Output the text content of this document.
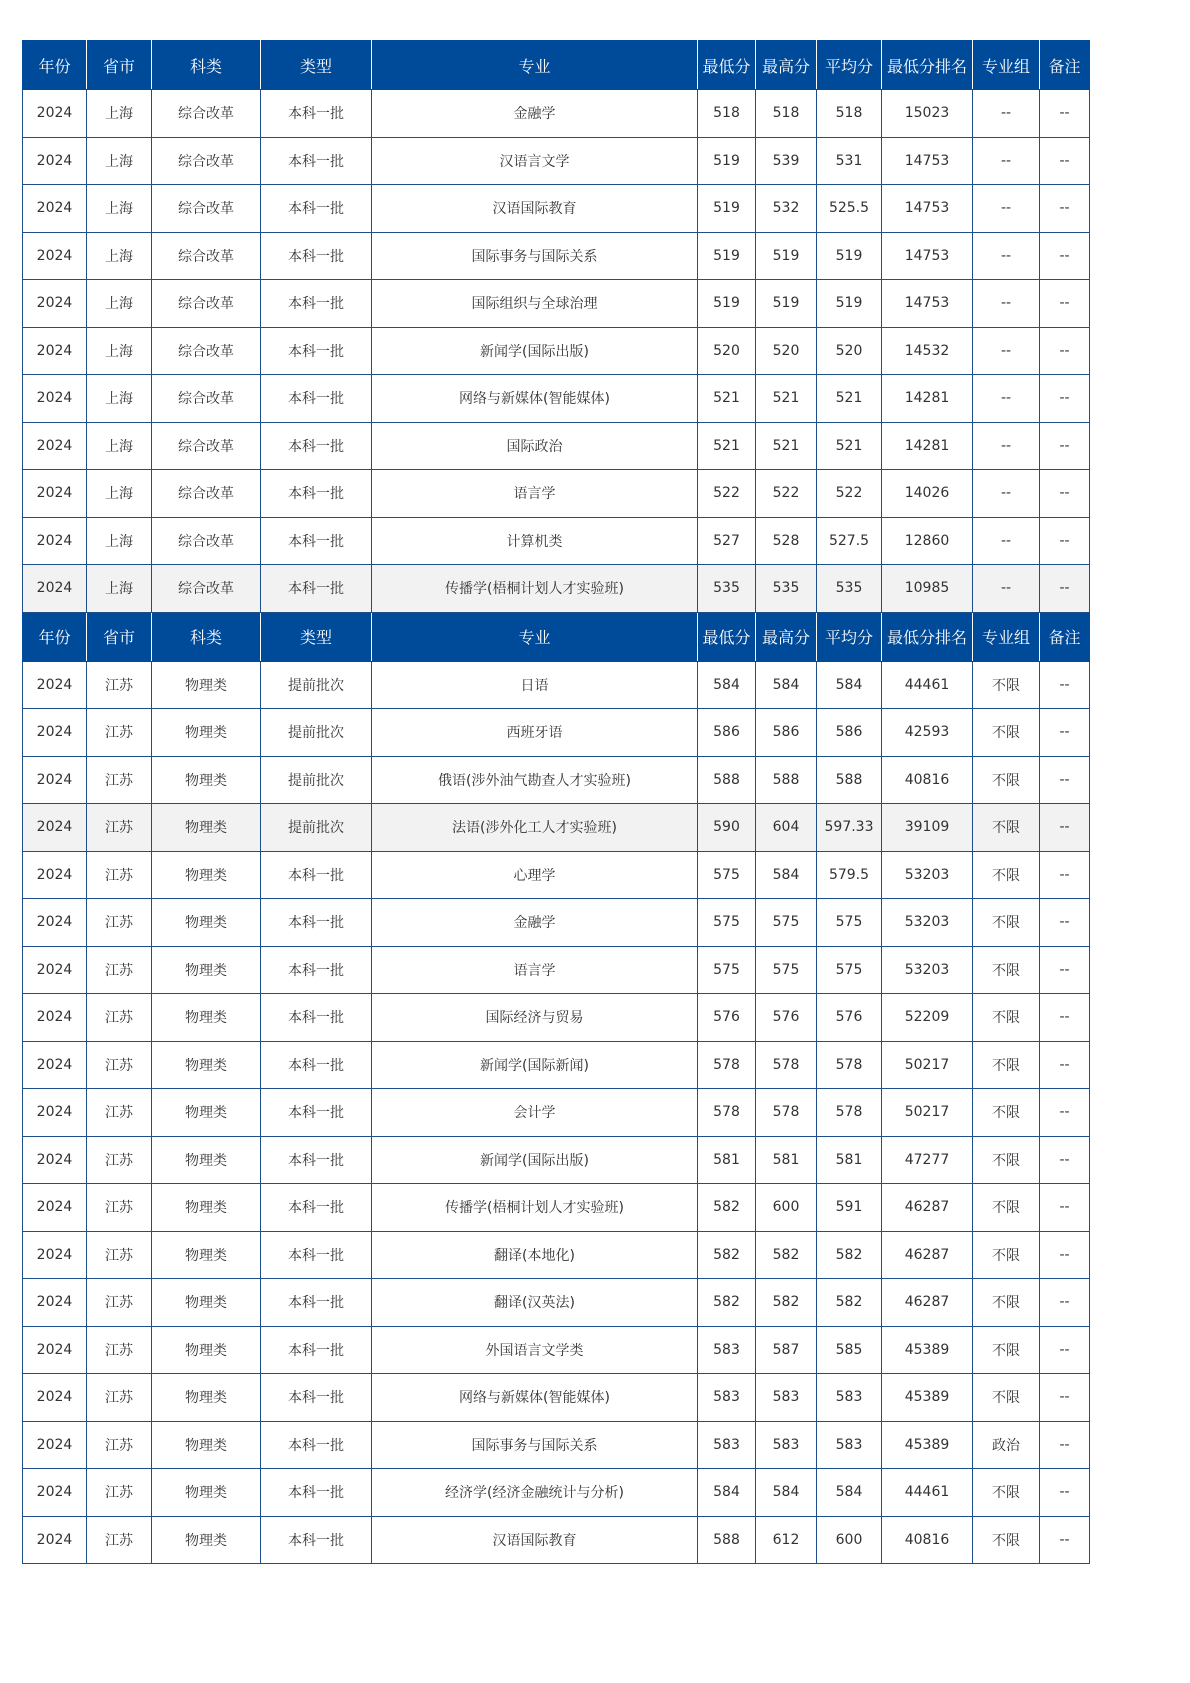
年份	省市	科类	类型	专业	最低分	最高分	平均分	最低分排名	专业组	备注
2024	上海	综合改革	本科一批	金融学	518	518	518	15023	--	--
2024	上海	综合改革	本科一批	汉语言文学	519	539	531	14753	--	--
2024	上海	综合改革	本科一批	汉语国际教育	519	532	525.5	14753	--	--
2024	上海	综合改革	本科一批	国际事务与国际关系	519	519	519	14753	--	--
2024	上海	综合改革	本科一批	国际组织与全球治理	519	519	519	14753	--	--
2024	上海	综合改革	本科一批	新闻学(国际出版)	520	520	520	14532	--	--
2024	上海	综合改革	本科一批	网络与新媒体(智能媒体)	521	521	521	14281	--	--
2024	上海	综合改革	本科一批	国际政治	521	521	521	14281	--	--
2024	上海	综合改革	本科一批	语言学	522	522	522	14026	--	--
2024	上海	综合改革	本科一批	计算机类	527	528	527.5	12860	--	--
2024	上海	综合改革	本科一批	传播学(梧桐计划人才实验班)	535	535	535	10985	--	--
年份	省市	科类	类型	专业	最低分	最高分	平均分	最低分排名	专业组	备注
2024	江苏	物理类	提前批次	日语	584	584	584	44461	不限	--
2024	江苏	物理类	提前批次	西班牙语	586	586	586	42593	不限	--
2024	江苏	物理类	提前批次	俄语(涉外油气勘查人才实验班)	588	588	588	40816	不限	--
2024	江苏	物理类	提前批次	法语(涉外化工人才实验班)	590	604	597.33	39109	不限	--
2024	江苏	物理类	本科一批	心理学	575	584	579.5	53203	不限	--
2024	江苏	物理类	本科一批	金融学	575	575	575	53203	不限	--
2024	江苏	物理类	本科一批	语言学	575	575	575	53203	不限	--
2024	江苏	物理类	本科一批	国际经济与贸易	576	576	576	52209	不限	--
2024	江苏	物理类	本科一批	新闻学(国际新闻)	578	578	578	50217	不限	--
2024	江苏	物理类	本科一批	会计学	578	578	578	50217	不限	--
2024	江苏	物理类	本科一批	新闻学(国际出版)	581	581	581	47277	不限	--
2024	江苏	物理类	本科一批	传播学(梧桐计划人才实验班)	582	600	591	46287	不限	--
2024	江苏	物理类	本科一批	翻译(本地化)	582	582	582	46287	不限	--
2024	江苏	物理类	本科一批	翻译(汉英法)	582	582	582	46287	不限	--
2024	江苏	物理类	本科一批	外国语言文学类	583	587	585	45389	不限	--
2024	江苏	物理类	本科一批	网络与新媒体(智能媒体)	583	583	583	45389	不限	--
2024	江苏	物理类	本科一批	国际事务与国际关系	583	583	583	45389	政治	--
2024	江苏	物理类	本科一批	经济学(经济金融统计与分析)	584	584	584	44461	不限	--
2024	江苏	物理类	本科一批	汉语国际教育	588	612	600	40816	不限	--
